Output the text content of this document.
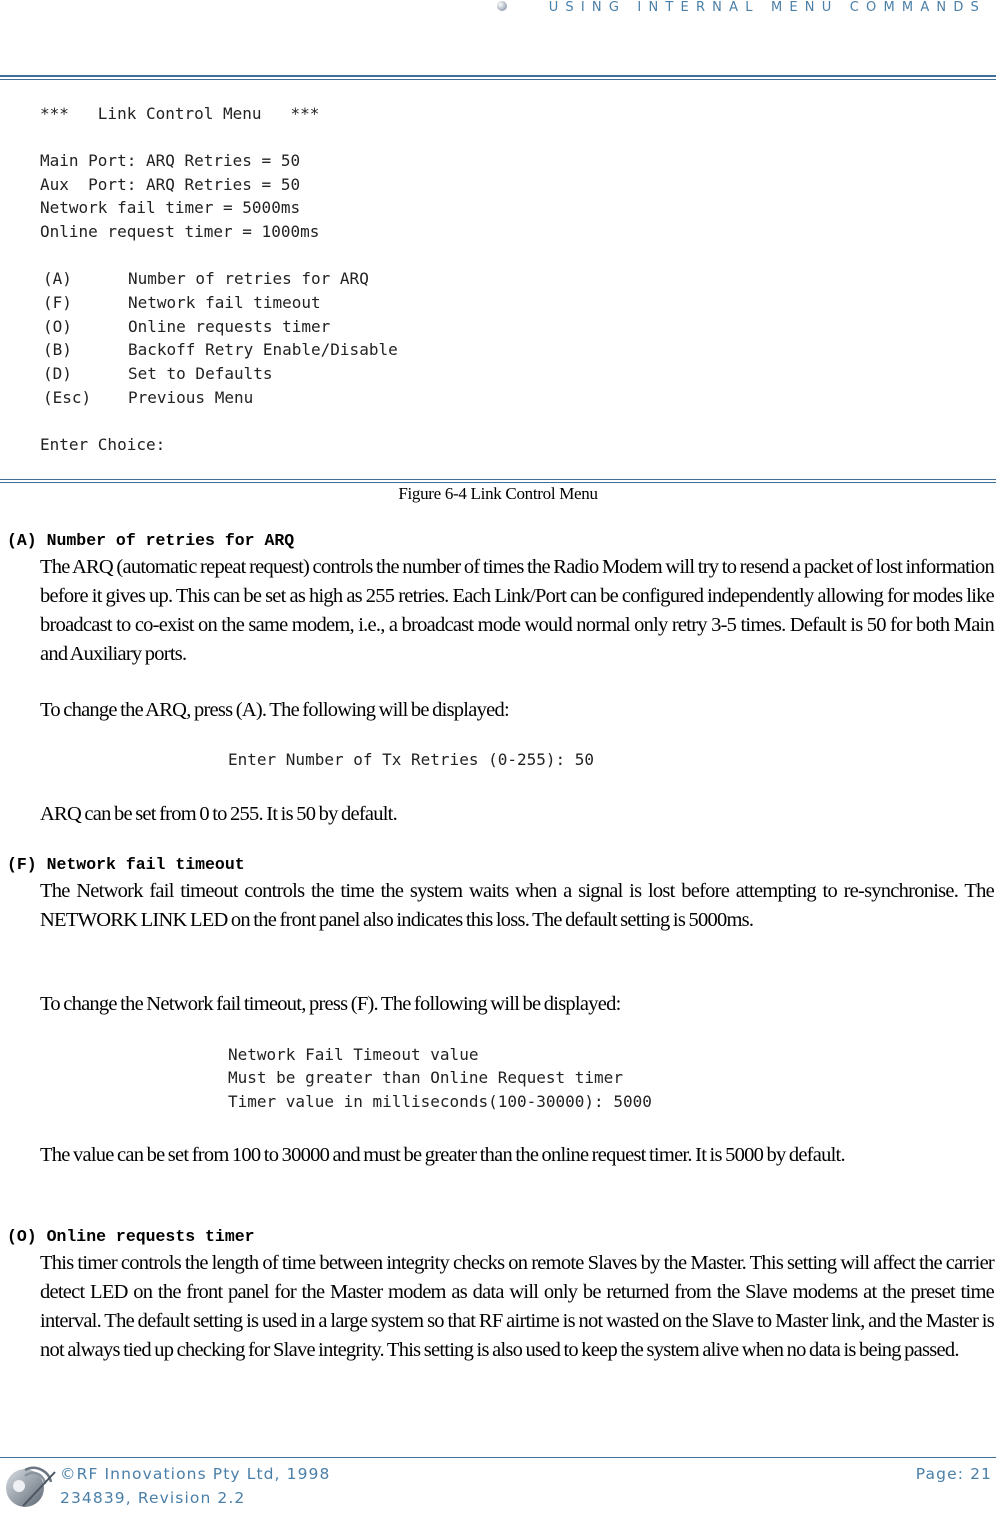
USING INTERNAL MENU COMMANDS
***   Link Control Menu   ***
Main Port: ARQ Retries = 50
Aux  Port: ARQ Retries = 50
Network fail timer = 5000ms
Online request timer = 1000ms
(A)	Number of retries for ARQ
(F)	Network fail timeout
(O)	Online requests timer
(B)	Backoff Retry Enable/Disable
(D)	Set to Defaults
(Esc) Previous Menu
Enter Choice:
Figure 6-4 Link Control Menu
(A) Number of retries for ARQ
The ARQ (automatic repeat request) controls the number of times the Radio Modem will try to resend a packet of lost information before it gives up. This can be set as high as 255 retries. Each Link/Port can be configured independently allowing for modes like broadcast to co-exist on the same modem, i.e., a broadcast mode would normal only retry 3-5 times. Default is 50 for both Main and Auxiliary ports.
To change the ARQ, press (A). The following will be displayed:
Enter Number of Tx Retries (0-255): 50
ARQ can be set from 0 to 255. It is 50 by default.
(F) Network fail timeout
The Network fail timeout controls the time the system waits when a signal is lost before attempting to re-synchronise. The NETWORK LINK LED on the front panel also indicates this loss. The default setting is 5000ms.
To change the Network fail timeout, press (F). The following will be displayed:
Network Fail Timeout value
Must be greater than Online Request timer
Timer value in milliseconds(100-30000): 5000
The value can be set from 100 to 30000 and must be greater than the online request timer. It is 5000 by default.
(O) Online requests timer
This timer controls the length of time between integrity checks on remote Slaves by the Master. This setting will affect the carrier detect LED on the front panel for the Master modem as data will only be returned from the Slave modems at the preset time interval. The default setting is used in a large system so that RF airtime is not wasted on the Slave to Master link, and the Master is not always tied up checking for Slave integrity. This setting is also used to keep the system alive when no data is being passed.
©RF Innovations Pty Ltd, 1998
234839, Revision 2.2
Page: 21
